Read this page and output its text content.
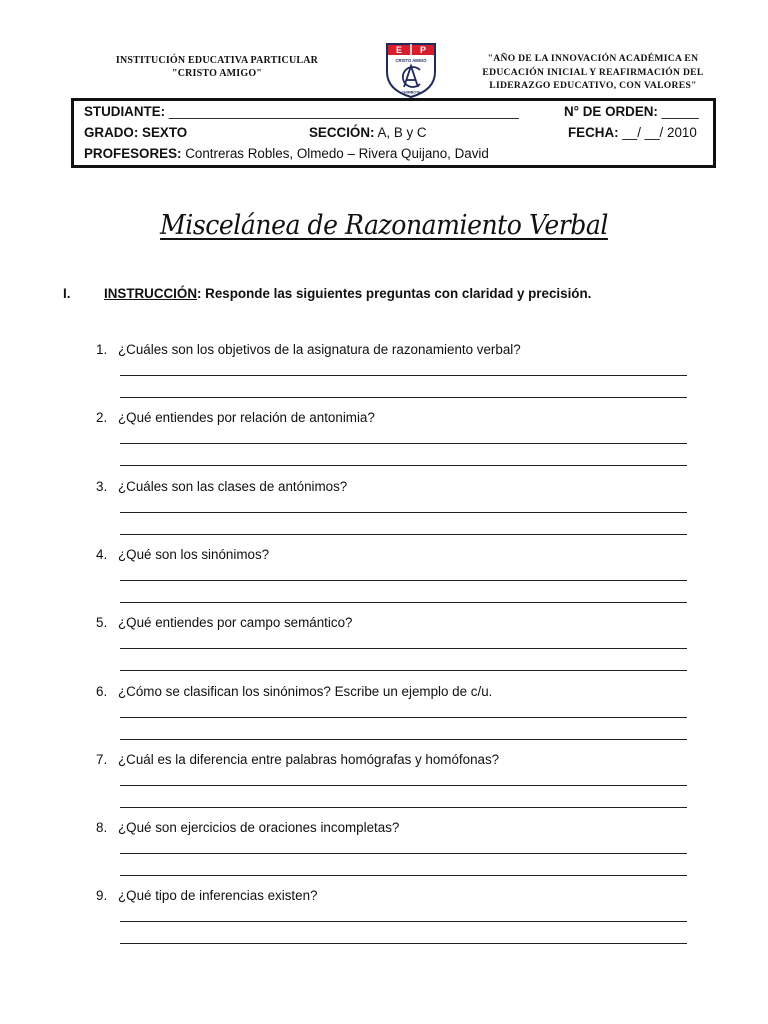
INSTITUCIÓN EDUCATIVA PARTICULAR
"CRISTO AMIGO"
E P
CRISTO AMIGO
CHIMBOTE
"AÑO DE LA INNOVACIÓN ACADÉMICA EN
EDUCACIÓN INICIAL Y REAFIRMACIÓN DEL
LIDERAZGO EDUCATIVO, CON VALORES"
STUDIANTE: _______________________________________________	N° DE ORDEN: _____
GRADO: SEXTO	SECCIÓN: A, B y C	FECHA: __/ __/ 2010
PROFESORES: Contreras Robles, Olmedo – Rivera Quijano, David
Miscelánea de Razonamiento Verbal
I.	INSTRUCCIÓN: Responde las siguientes preguntas con claridad y precisión.
1. ¿Cuáles son los objetivos de la asignatura de razonamiento verbal?
2. ¿Qué entiendes por relación de antonimia?
3. ¿Cuáles son las clases de antónimos?
4. ¿Qué son los sinónimos?
5. ¿Qué entiendes por campo semántico?
6. ¿Cómo se clasifican los sinónimos? Escribe un ejemplo de c/u.
7. ¿Cuál es la diferencia entre palabras homógrafas y homófonas?
8. ¿Qué son ejercicios de oraciones incompletas?
9. ¿Qué tipo de inferencias existen?
